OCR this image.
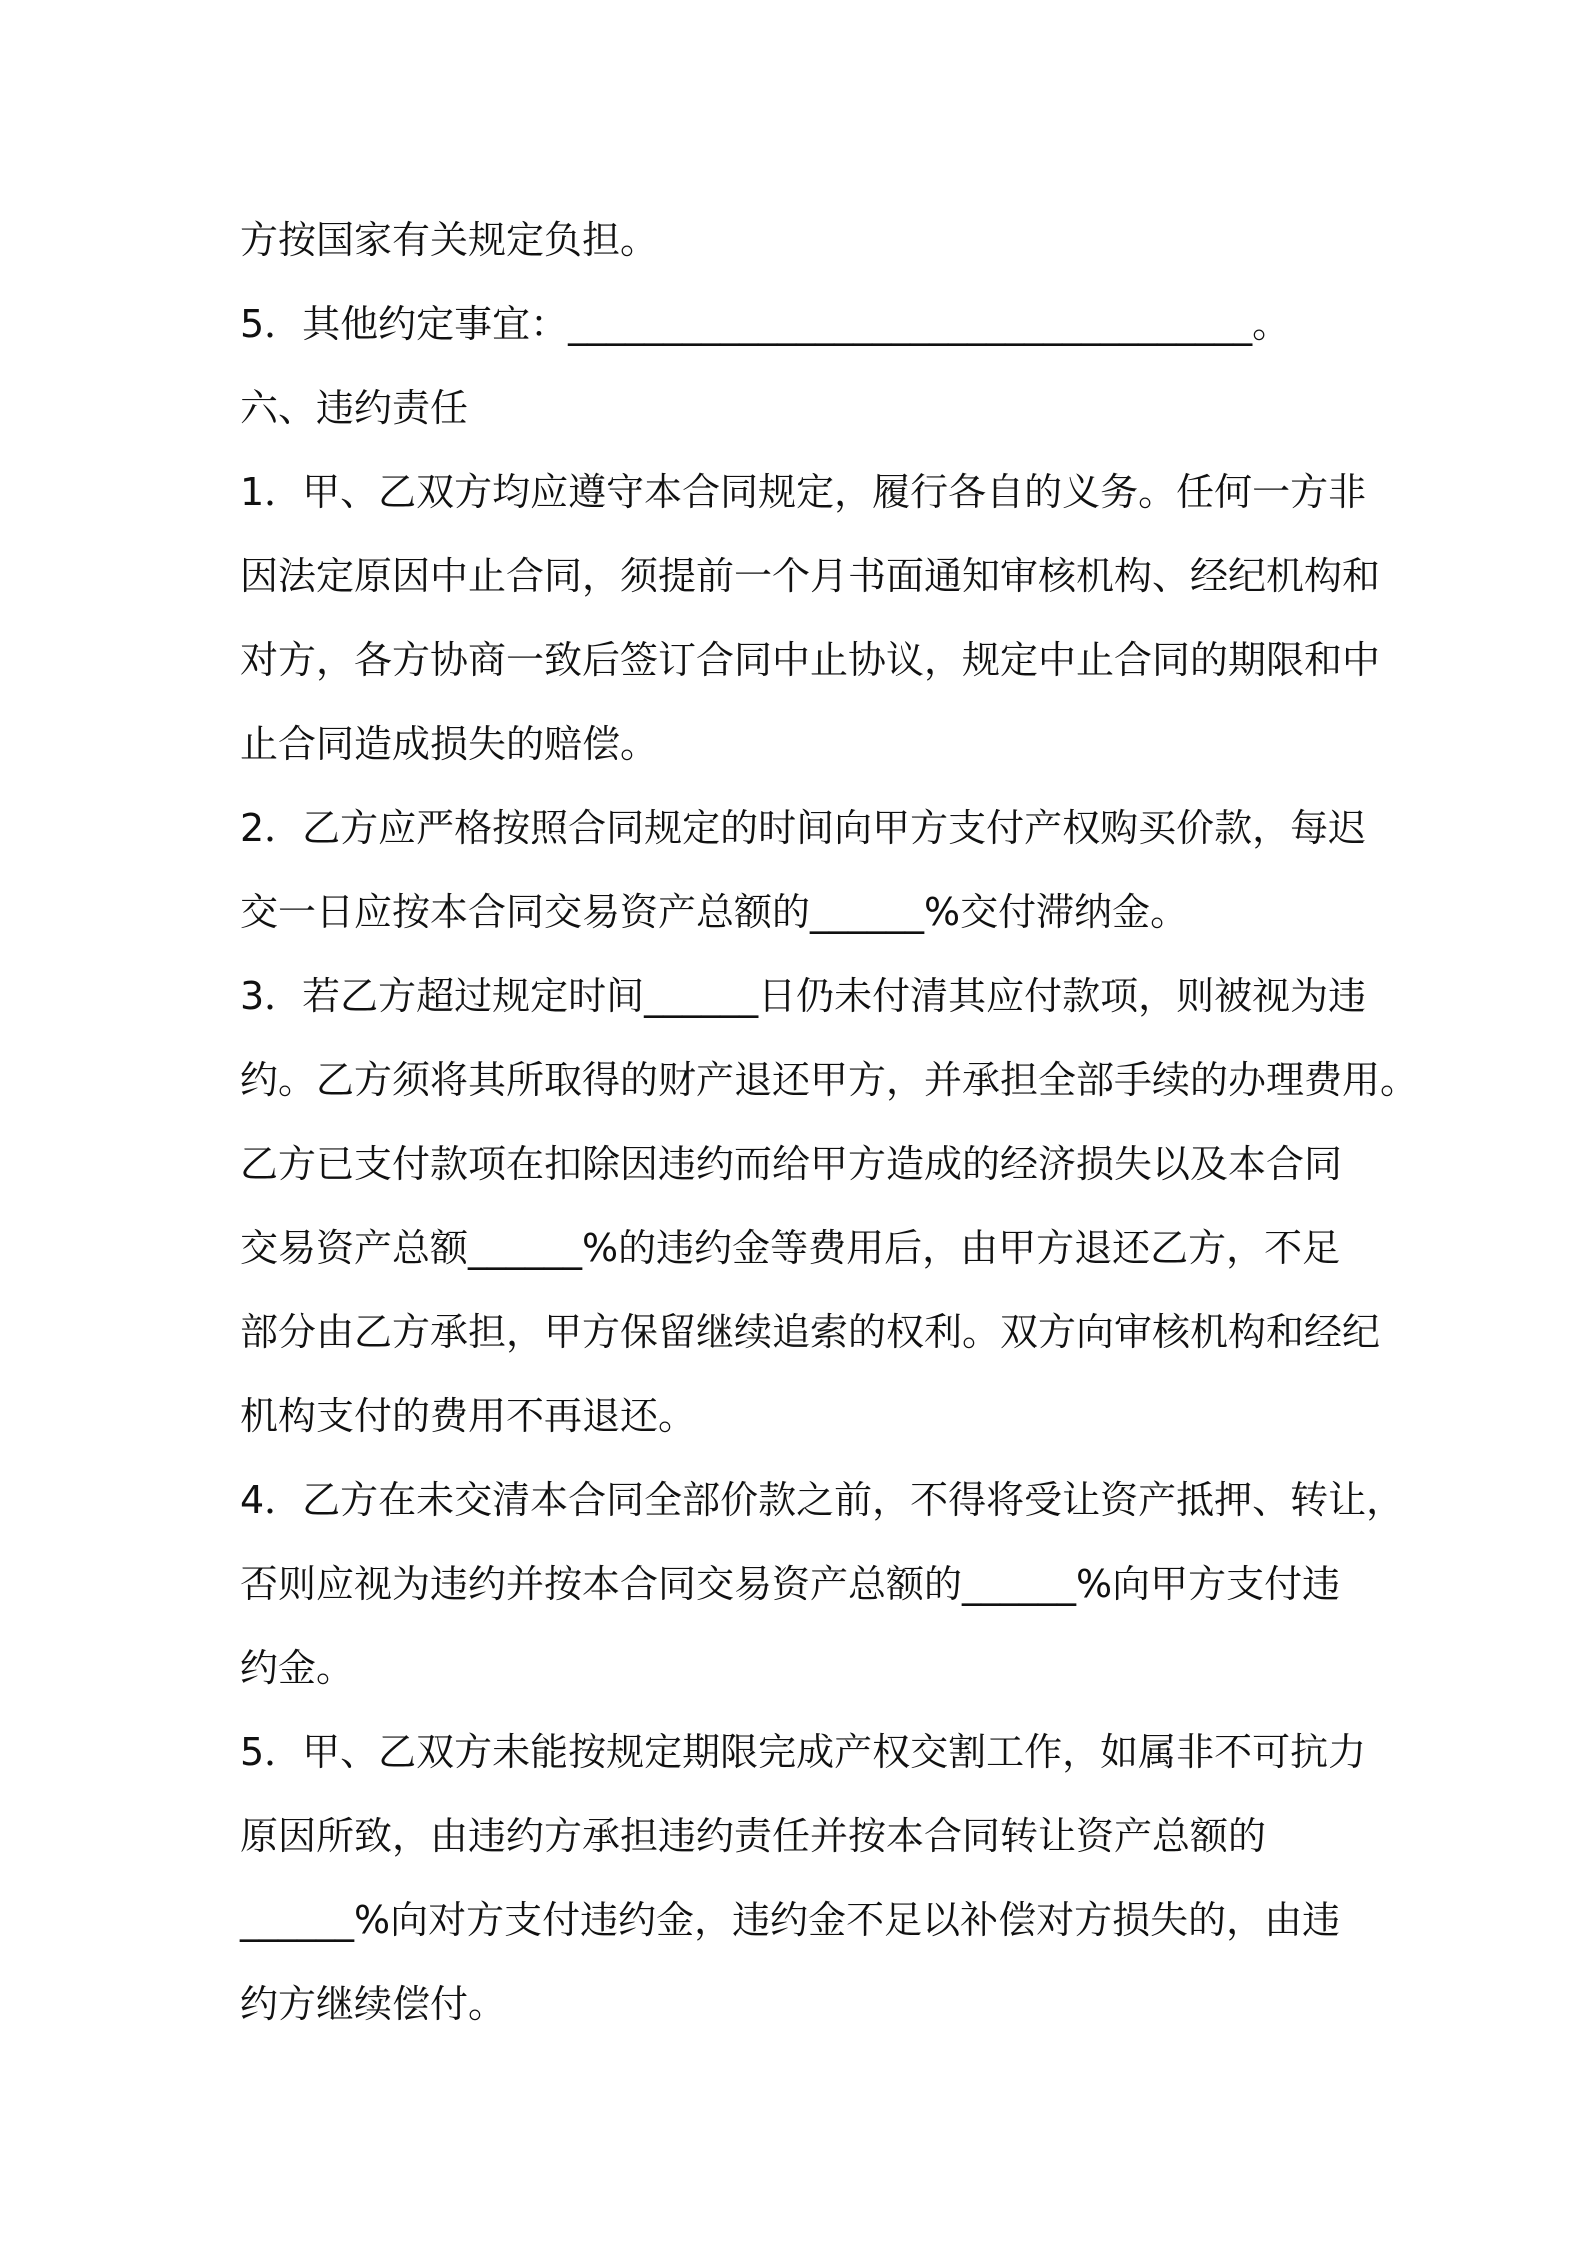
方按国家有关规定负担。
5．其他约定事宜：____________________________________。
六、违约责任
1．甲、乙双方均应遵守本合同规定，履行各自的义务。任何一方非
因法定原因中止合同，须提前一个月书面通知审核机构、经纪机构和
对方，各方协商一致后签订合同中止协议，规定中止合同的期限和中
止合同造成损失的赔偿。
2．乙方应严格按照合同规定的时间向甲方支付产权购买价款，每迟
交一日应按本合同交易资产总额的______%交付滞纳金。
3．若乙方超过规定时间______日仍未付清其应付款项，则被视为违
约。乙方须将其所取得的财产退还甲方，并承担全部手续的办理费用。
乙方已支付款项在扣除因违约而给甲方造成的经济损失以及本合同
交易资产总额______%的违约金等费用后，由甲方退还乙方，不足
部分由乙方承担，甲方保留继续追索的权利。双方向审核机构和经纪
机构支付的费用不再退还。
4．乙方在未交清本合同全部价款之前，不得将受让资产抵押、转让，
否则应视为违约并按本合同交易资产总额的______%向甲方支付违
约金。
5．甲、乙双方未能按规定期限完成产权交割工作，如属非不可抗力
原因所致，由违约方承担违约责任并按本合同转让资产总额的
______%向对方支付违约金，违约金不足以补偿对方损失的，由违
约方继续偿付。
